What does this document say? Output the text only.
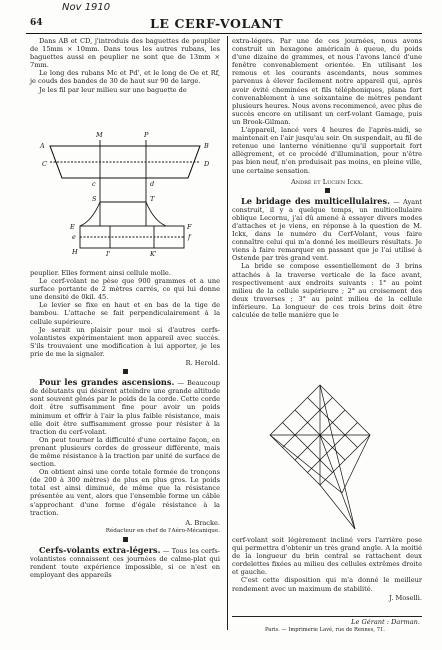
Nov 1910
64	LE CERF-VOLANT

Dans AB et CD, j'introduis des baguettes de peuplier de 15mm × 10mm. Dans tous les autres rubans, les baguettes aussi en peuplier ne sont que de 13mm × 7mm.

Le long des rubans Mc et Pd', et le long de Oe et Rf, je couds des bandes de 30 de haut sur 90 de large.

Je les fil par leur milieu sur une baguette de

A	B
C	D
M	P
c	d
S	T
E	F
e	f
H	I'	K'

peuplier. Elles forment ainsi cellule molle.

Le cerf-volant ne pèse que 900 grammes et a une surface portante de 2 mètres carrés, ce qui lui donne une densité de 0kil. 45.

Le levier se fixe en haut et en bas de la tige de bambou. L'attache se fait perpendiculairement à la cellule supérieure.

Je serait un plaisir pour moi si d'autres cerfs-volantistes expérimentaient mon appareil avec succès. S'ils trouvaient une modification à lui apporter, je les prie de me la signaler.

R. Herold.

Pour les grandes ascensions. — Beaucoup de débutants qui désirent atteindre une grande altitude sont souvent gênés par le poids de la corde. Cette corde doit être suffisamment fine pour avoir un poids minimum et offrir à l'air la plus faible résistance, mais elle doit être suffisamment grosse pour résister à la traction du cerf-volant.

On peut tourner la difficulté d'une certaine façon, en prenant plusieurs cordes de grosseur différente, mais de même résistance à la traction par unité de surface de section.

On obtient ainsi une corde totale formée de tronçons (de 200 à 300 mètres) de plus en plus gros. Le poids total est ainsi diminué, de même que la résistance présentée au vent, alors que l'ensemble forme un câble s'approchant d'une forme d'égale résistance à la traction.

A. Bracke.
Rédacteur en chef de l'Aéro-Mécanique.

Cerfs-volants extra-légers. — Tous les cerfs-volantistes connaissent ces journées de calme-plat qui rendent toute expérience impossible, si ce n'est en employant des appareils

extra-légers. Par une de ces journées, nous avons construit un hexagone américain à queue, du poids d'une dizaine de grammes, et nous l'avons lancé d'une fenêtre convenablement orientée. En utilisant les remous et les courants ascendants, nous sommes parvenus à élever facilement notre appareil qui, après avoir évité cheminées et fils téléphoniques, plana fort convenablement à une soixantaine de mètres pendant plusieurs heures. Nous avons recommencé, avec plus de succès encore en utilisant un cerf-volant Gamage, puis un Brook-Gilman.

L'appareil, lancé vers 4 heures de l'après-midi, se maintenait en l'air jusqu'au soir. On suspendait, au fil de retenue une lanterne vénitienne qu'il supportait fort allègrement, et ce procédé d'illumination, pour n'être pas bien neuf, n'en produisait pas moins, en pleine ville, une certaine sensation.

André et Lucien Ickx.

Le bridage des multicellulaires. — Ayant construit, il y a quelque temps, un multicellulaire oblique Lecornu, j'ai dû amené à essayer divers modes d'attaches et je viens, en réponse à la question de M. Ickx, dans le numéro du Cerf-Volant, vous faire connaître celui qui m'a donné les meilleurs résultats. Je viens à faire remarquer en passant que je l'ai utilisé à Ostende par très grand vent.

La bride se compose essentiellement de 3 brins attachés à la traverse verticale de la face avant, respectivement aux endroits suivants : 1° au point milieu de la cellule supérieure ; 2° au croisement des deux traverses ; 3° au point milieu de la cellule inférieure. La longueur de ces trois brins doit être calculée de telle manière que le

cerf-volant soit légèrement incliné vers l'arrière pose qui permettra d'obtenir un très grand angle. A la moitié de la longueur du brin central se rattachent deux cordelettes fixées au milieu des cellules extrêmes droite et gauche.

C'est cette disposition qui m'a donné le meilleur rendement avec un maximum de stabilité.

J. Moselli.
Le Gérant : Darman.
Paris. — Imprimerie Lavé, rue de Rennes, 71.
